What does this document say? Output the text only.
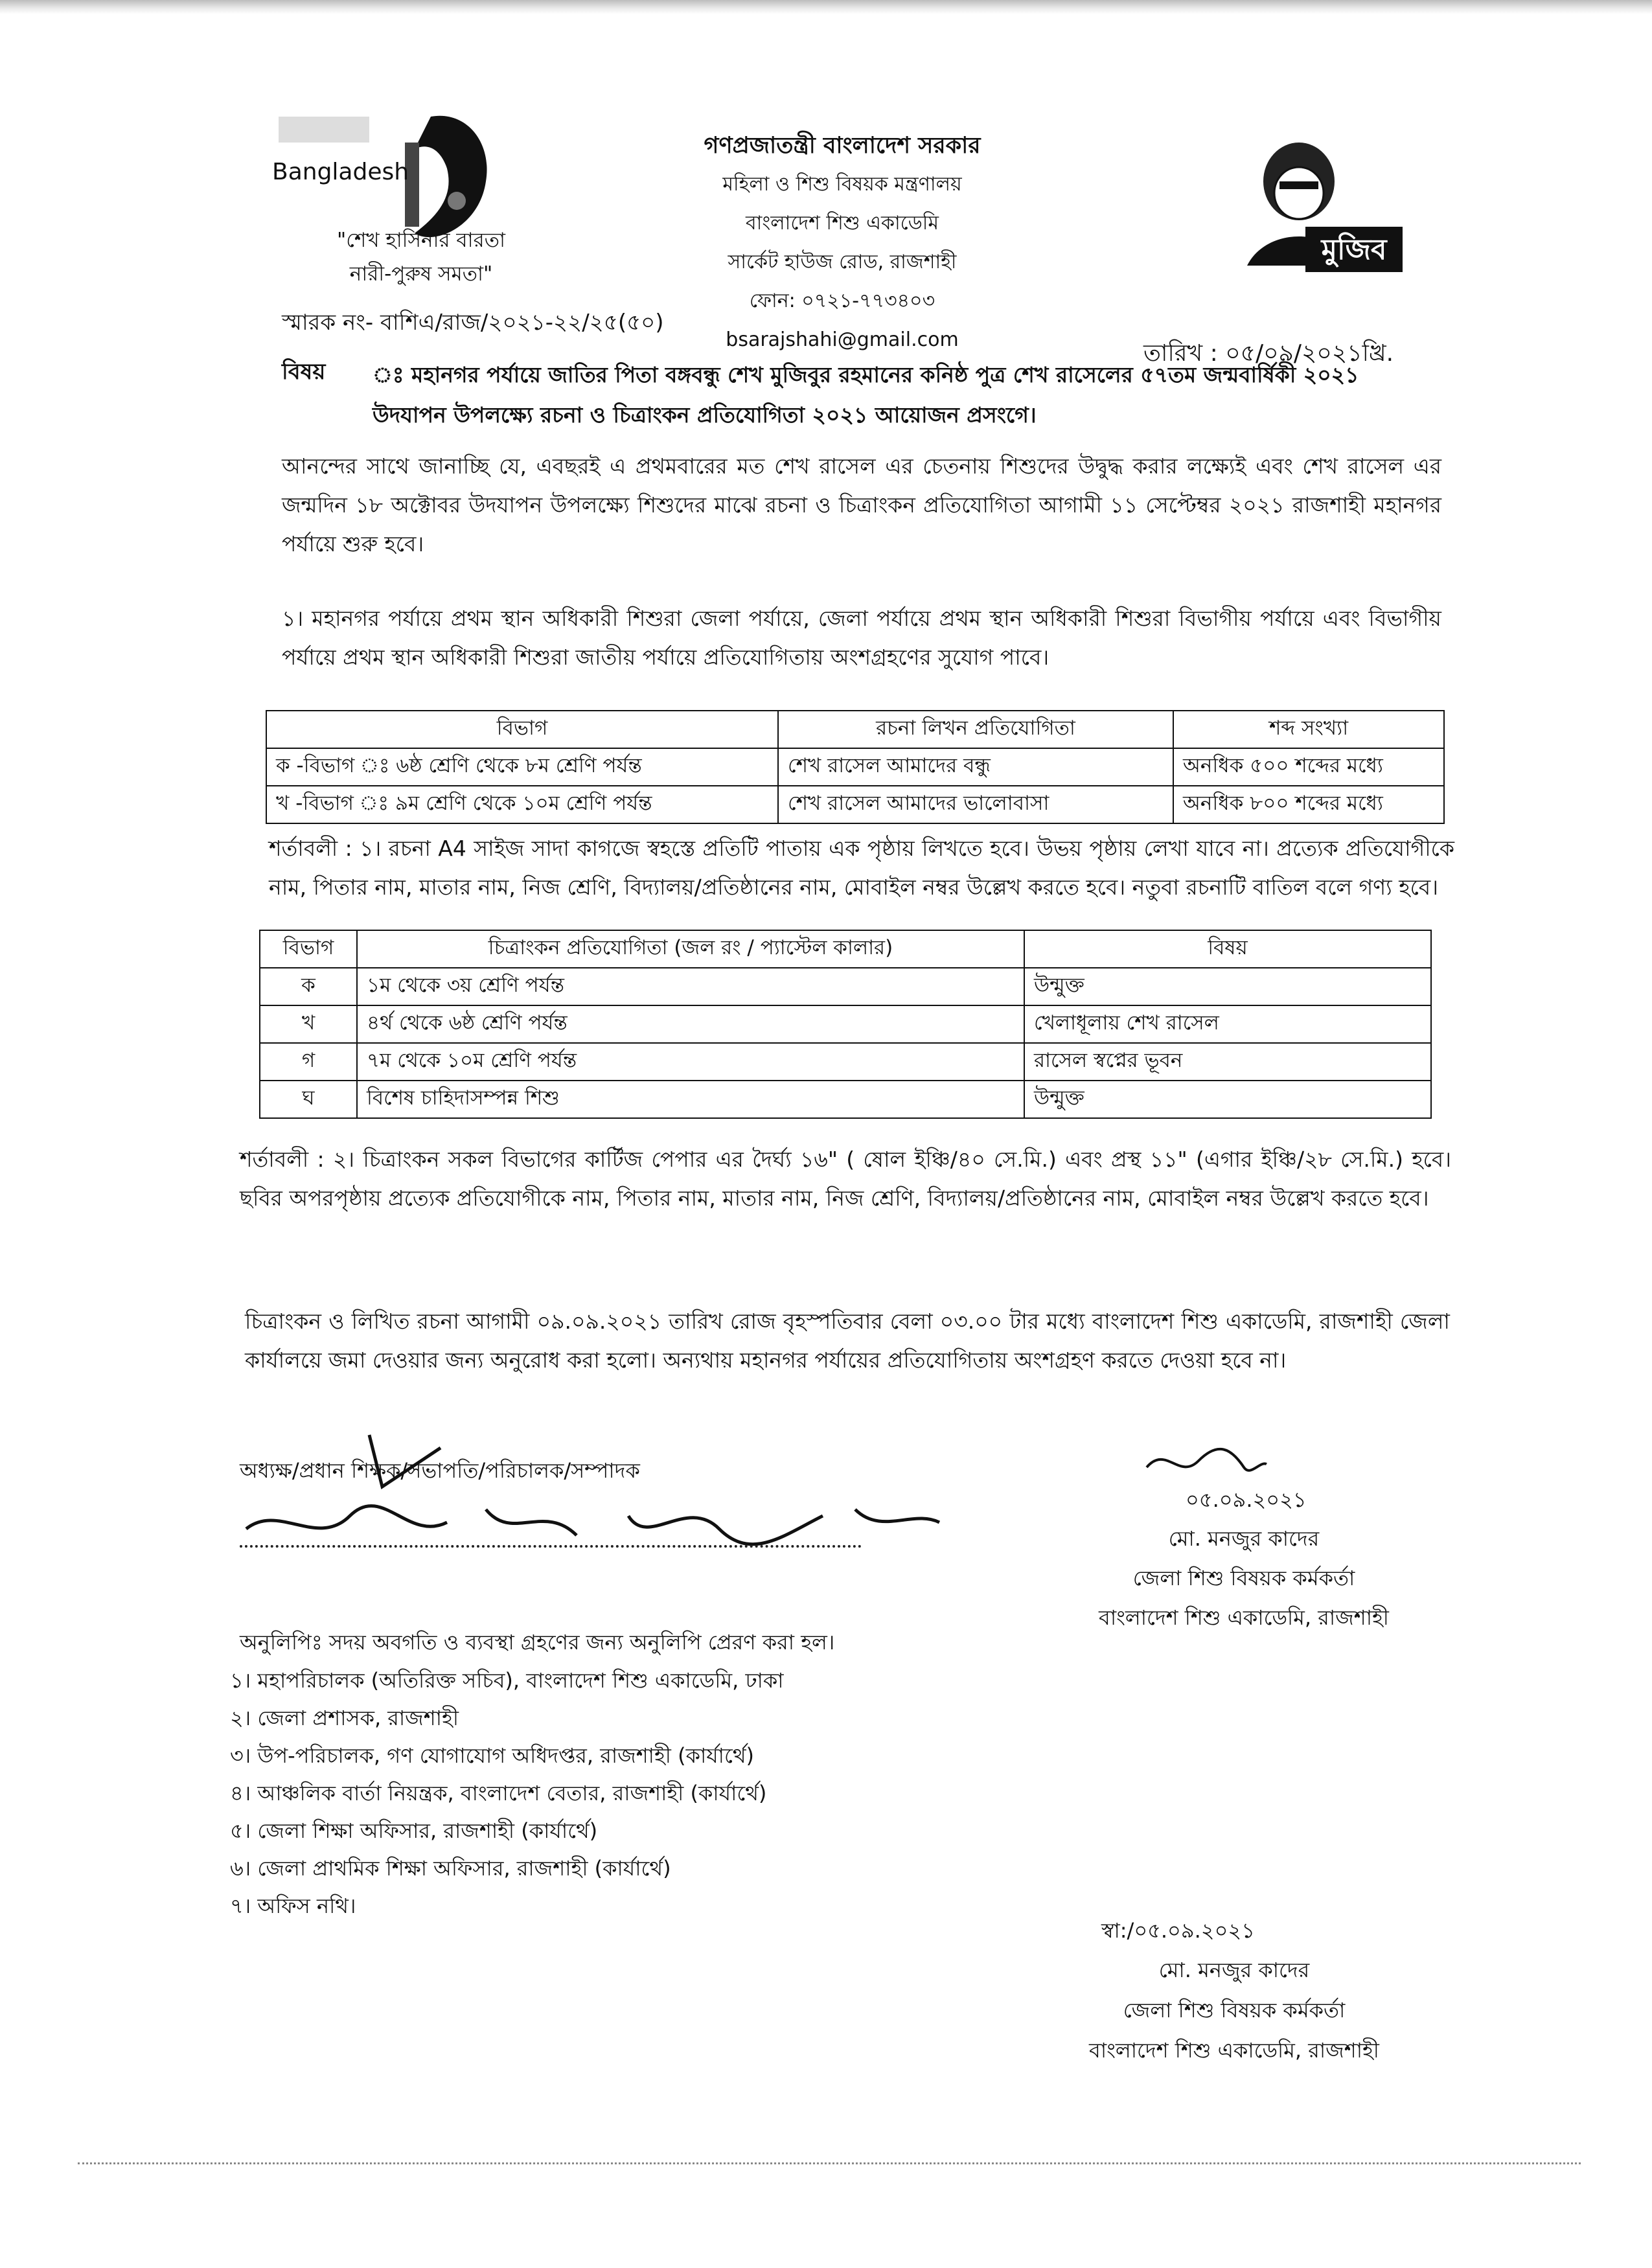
Bangladesh
"শেখ হাসিনার বারতা
নারী-পুরুষ সমতা"
গণপ্রজাতন্ত্রী বাংলাদেশ সরকার
মহিলা ও শিশু বিষয়ক মন্ত্রণালয়
বাংলাদেশ শিশু একাডেমি
সার্কেট হাউজ রোড, রাজশাহী
ফোন: ০৭২১-৭৭৩৪০৩
bsarajshahi@gmail.com
মুজিব
স্মারক নং- বাশিএ/রাজ/২০২১-২২/২৫(৫০)
তারিখ : ০৫/০৯/২০২১খ্রি.
বিষয় ঃ মহানগর পর্যায়ে জাতির পিতা বঙ্গবন্ধু শেখ মুজিবুর রহমানের কনিষ্ঠ পুত্র শেখ রাসেলের ৫৭তম জন্মবার্ষিকী ২০২১ উদযাপন উপলক্ষ্যে রচনা ও চিত্রাংকন প্রতিযোগিতা ২০২১ আয়োজন প্রসংগে।
আনন্দের সাথে জানাচ্ছি যে, এবছরই এ প্রথমবারের মত শেখ রাসেল এর চেতনায় শিশুদের উদ্বুদ্ধ করার লক্ষ্যেই এবং শেখ রাসেল এর জন্মদিন ১৮ অক্টোবর উদযাপন উপলক্ষ্যে শিশুদের মাঝে রচনা ও চিত্রাংকন প্রতিযোগিতা আগামী ১১ সেপ্টেম্বর ২০২১ রাজশাহী মহানগর পর্যায়ে শুরু হবে।
১। মহানগর পর্যায়ে প্রথম স্থান অধিকারী শিশুরা জেলা পর্যায়ে, জেলা পর্যায়ে প্রথম স্থান অধিকারী শিশুরা বিভাগীয় পর্যায়ে এবং বিভাগীয় পর্যায়ে প্রথম স্থান অধিকারী শিশুরা জাতীয় পর্যায়ে প্রতিযোগিতায় অংশগ্রহণের সুযোগ পাবে।
বিভাগ	রচনা লিখন প্রতিযোগিতা	শব্দ সংখ্যা
ক -বিভাগ ঃ ৬ষ্ঠ শ্রেণি থেকে ৮ম শ্রেণি পর্যন্ত	শেখ রাসেল আমাদের বন্ধু	অনধিক ৫০০ শব্দের মধ্যে
খ -বিভাগ ঃ ৯ম শ্রেণি থেকে ১০ম শ্রেণি পর্যন্ত	শেখ রাসেল আমাদের ভালোবাসা	অনধিক ৮০০ শব্দের মধ্যে
শর্তাবলী : ১। রচনা A4 সাইজ সাদা কাগজে স্বহস্তে প্রতিটি পাতায় এক পৃষ্ঠায় লিখতে হবে। উভয় পৃষ্ঠায় লেখা যাবে না। প্রত্যেক প্রতিযোগীকে নাম, পিতার নাম, মাতার নাম, নিজ শ্রেণি, বিদ্যালয়/প্রতিষ্ঠানের নাম, মোবাইল নম্বর উল্লেখ করতে হবে। নতুবা রচনাটি বাতিল বলে গণ্য হবে।
বিভাগ	চিত্রাংকন প্রতিযোগিতা (জল রং / প্যাস্টেল কালার)	বিষয়
ক	১ম থেকে ৩য় শ্রেণি পর্যন্ত	উন্মুক্ত
খ	৪র্থ থেকে ৬ষ্ঠ শ্রেণি পর্যন্ত	খেলাধূলায় শেখ রাসেল
গ	৭ম থেকে ১০ম শ্রেণি পর্যন্ত	রাসেল স্বপ্নের ভূবন
ঘ	বিশেষ চাহিদাসম্পন্ন শিশু	উন্মুক্ত
শর্তাবলী : ২। চিত্রাংকন সকল বিভাগের কার্টিজ পেপার এর দৈর্ঘ্য ১৬" ( ষোল ইঞ্চি/৪০ সে.মি.) এবং প্রস্থ ১১" (এগার ইঞ্চি/২৮ সে.মি.) হবে। ছবির অপরপৃষ্ঠায় প্রত্যেক প্রতিযোগীকে নাম, পিতার নাম, মাতার নাম, নিজ শ্রেণি, বিদ্যালয়/প্রতিষ্ঠানের নাম, মোবাইল নম্বর উল্লেখ করতে হবে।
চিত্রাংকন ও লিখিত রচনা আগামী ০৯.০৯.২০২১ তারিখ রোজ বৃহস্পতিবার বেলা ০৩.০০ টার মধ্যে বাংলাদেশ শিশু একাডেমি, রাজশাহী জেলা কার্যালয়ে জমা দেওয়ার জন্য অনুরোধ করা হলো। অন্যথায় মহানগর পর্যায়ের প্রতিযোগিতায় অংশগ্রহণ করতে দেওয়া হবে না।
অধ্যক্ষ/প্রধান শিক্ষক/সভাপতি/পরিচালক/সম্পাদক
০৫.০৯.২০২১
মো. মনজুর কাদের
জেলা শিশু বিষয়ক কর্মকর্তা
বাংলাদেশ শিশু একাডেমি, রাজশাহী
অনুলিপিঃ সদয় অবগতি ও ব্যবস্থা গ্রহণের জন্য অনুলিপি প্রেরণ করা হল।
১। মহাপরিচালক (অতিরিক্ত সচিব), বাংলাদেশ শিশু একাডেমি, ঢাকা
২। জেলা প্রশাসক, রাজশাহী
৩। উপ-পরিচালক, গণ যোগাযোগ অধিদপ্তর, রাজশাহী (কার্যার্থে)
৪। আঞ্চলিক বার্তা নিয়ন্ত্রক, বাংলাদেশ বেতার, রাজশাহী (কার্যার্থে)
৫। জেলা শিক্ষা অফিসার, রাজশাহী (কার্যার্থে)
৬। জেলা প্রাথমিক শিক্ষা অফিসার, রাজশাহী (কার্যার্থে)
৭। অফিস নথি।
স্বা:/০৫.০৯.২০২১
মো. মনজুর কাদের
জেলা শিশু বিষয়ক কর্মকর্তা
বাংলাদেশ শিশু একাডেমি, রাজশাহী
